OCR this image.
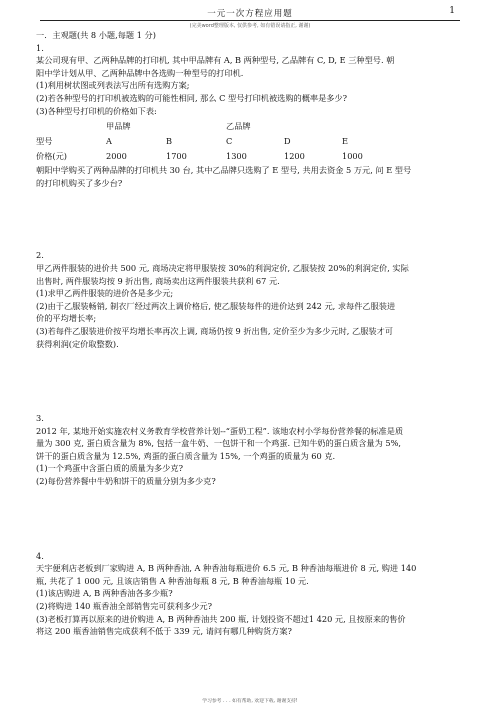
一元一次方程应用题	1
(完美word整理版本, 仅供参考, 如有错误请指正, 谢谢)

一．主观题(共 8 小题,每题 1 分)

1.

某公司现有甲、乙两种品牌的打印机, 其中甲品牌有 A, B 两种型号, 乙品牌有 C, D, E 三种型号. 朝

阳中学计划从甲、乙两种品牌中各选购一种型号的打印机.

(1)利用树状图或列表法写出所有选购方案;

(2)若各种型号的打印机被选购的可能性相同, 那么 C 型号打印机被选购的概率是多少?

(3)各种型号打印机的价格如下表:

	甲品牌		乙品牌		
型号	A	B	C	D	E
价格(元)	2000	1700	1300	1200	1000

朝阳中学购买了两种品牌的打印机共 30 台, 其中乙品牌只选购了 E 型号, 共用去资金 5 万元, 问 E 型号

的打印机购买了多少台?

2.

甲乙两件服装的进价共 500 元, 商场决定将甲服装按 30%的利润定价, 乙服装按 20%的利润定价, 实际

出售时, 两件服装均按 9 折出售, 商场卖出这两件服装共获利 67 元.

(1)求甲乙两件服装的进价各是多少元;

(2)由于乙服装畅销, 制衣厂经过两次上调价格后, 使乙服装每件的进价达到 242 元, 求每件乙服装进

价的平均增长率;

(3)若每件乙服装进价按平均增长率再次上调, 商场仍按 9 折出售, 定价至少为多少元时, 乙服装才可

获得利润(定价取整数).

3.

2012 年, 某地开始实施农村义务教育学校营养计划--“蛋奶工程”. 该地农村小学每份营养餐的标准是质

量为 300 克, 蛋白质含量为 8%, 包括一盒牛奶、一包饼干和一个鸡蛋. 已知牛奶的蛋白质含量为 5%,

饼干的蛋白质含量为 12.5%, 鸡蛋的蛋白质含量为 15%, 一个鸡蛋的质量为 60 克.

(1)一个鸡蛋中含蛋白质的质量为多少克?

(2)每份营养餐中牛奶和饼干的质量分别为多少克?

4.

天宇便利店老板到厂家购进 A, B 两种香油, A 种香油每瓶进价 6.5 元, B 种香油每瓶进价 8 元, 购进 140

瓶, 共花了 1 000 元, 且该店销售 A 种香油每瓶 8 元, B 种香油每瓶 10 元.

(1)该店购进 A, B 两种香油各多少瓶?

(2)将购进 140 瓶香油全部销售完可获利多少元?

(3)老板打算再以原来的进价购进 A, B 两种香油共 200 瓶, 计划投资不超过1 420 元, 且按原来的售价

将这 200 瓶香油销售完成获利不低于 339 元, 请问有哪几种购货方案?

学习参考 . . . 如有帮助, 欢迎下载, 谢谢支持!
